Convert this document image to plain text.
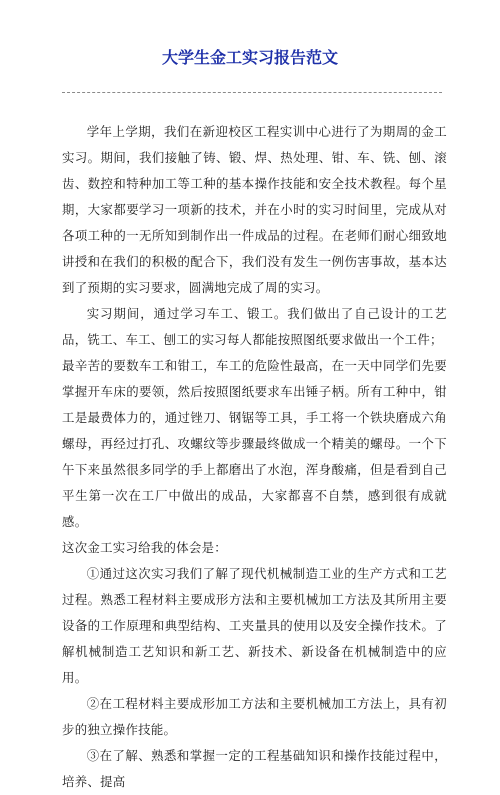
大学生金工实习报告范文

学年上学期，我们在新迎校区工程实训中心进行了为期周的金工实习。期间，我们接触了铸、锻、焊、热处理、钳、车、铣、刨、滚齿、数控和特种加工等工种的基本操作技能和安全技术教程。每个星期，大家都要学习一项新的技术，并在小时的实习时间里，完成从对各项工种的一无所知到制作出一件成品的过程。在老师们耐心细致地讲授和在我们的积极的配合下，我们没有发生一例伤害事故，基本达到了预期的实习要求，圆满地完成了周的实习。

实习期间，通过学习车工、锻工。我们做出了自己设计的工艺品，铣工、车工、刨工的实习每人都能按照图纸要求做出一个工件；

最辛苦的要数车工和钳工，车工的危险性最高，在一天中同学们先要掌握开车床的要领，然后按照图纸要求车出锤子柄。所有工种中，钳工是最费体力的，通过锉刀、钢锯等工具，手工将一个铁块磨成六角螺母，再经过打孔、攻螺纹等步骤最终做成一个精美的螺母。一个下午下来虽然很多同学的手上都磨出了水泡，浑身酸痛，但是看到自己平生第一次在工厂中做出的成品，大家都喜不自禁，感到很有成就感。

这次金工实习给我的体会是：

①通过这次实习我们了解了现代机械制造工业的生产方式和工艺过程。熟悉工程材料主要成形方法和主要机械加工方法及其所用主要设备的工作原理和典型结构、工夹量具的使用以及安全操作技术。了解机械制造工艺知识和新工艺、新技术、新设备在机械制造中的应用。

②在工程材料主要成形加工方法和主要机械加工方法上，具有初步的独立操作技能。

③在了解、熟悉和掌握一定的工程基础知识和操作技能过程中，培养、提高
